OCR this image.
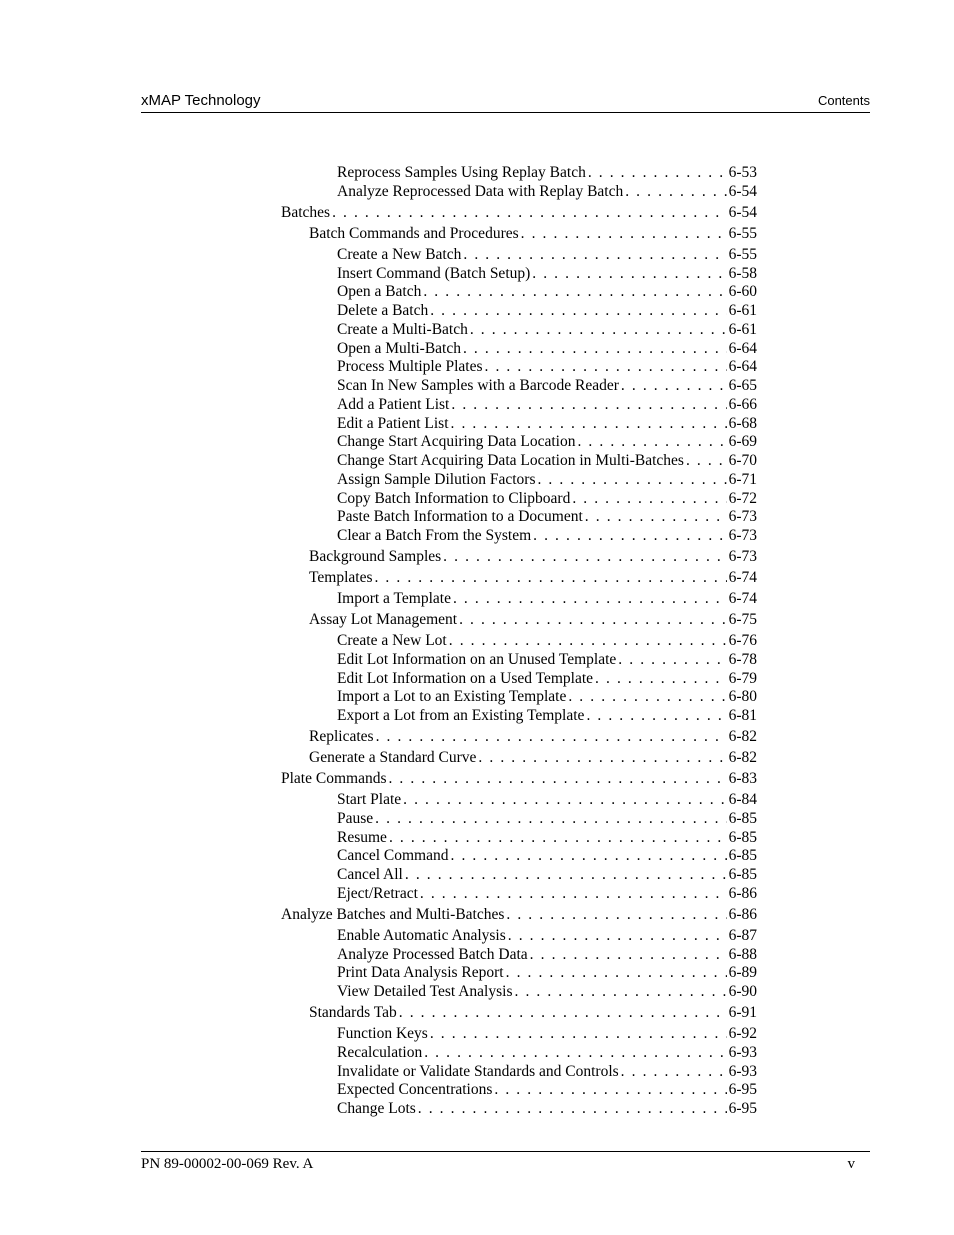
xMAP Technology	Contents
Reprocess Samples Using Replay Batch . . .	6-53
Analyze Reprocessed Data with Replay Batch . . .	6-54
Batches . . .	6-54
Batch Commands and Procedures . . .	6-55
Create a New Batch . . .	6-55
Insert Command (Batch Setup) . . .	6-58
Open a Batch . . .	6-60
Delete a Batch . . .	6-61
Create a Multi-Batch . . .	6-61
Open a Multi-Batch . . .	6-64
Process Multiple Plates . . .	6-64
Scan In New Samples with a Barcode Reader . . .	6-65
Add a Patient List . . .	6-66
Edit a Patient List . . .	6-68
Change Start Acquiring Data Location . . .	6-69
Change Start Acquiring Data Location in Multi-Batches . . .	6-70
Assign Sample Dilution Factors . . .	6-71
Copy Batch Information to Clipboard . . .	6-72
Paste Batch Information to a Document . . .	6-73
Clear a Batch From the System . . .	6-73
Background Samples . . .	6-73
Templates . . .	6-74
Import a Template . . .	6-74
Assay Lot Management . . .	6-75
Create a New Lot . . .	6-76
Edit Lot Information on an Unused Template . . .	6-78
Edit Lot Information on a Used Template . . .	6-79
Import a Lot to an Existing Template . . .	6-80
Export a Lot from an Existing Template . . .	6-81
Replicates . . .	6-82
Generate a Standard Curve . . .	6-82
Plate Commands . . .	6-83
Start Plate . . .	6-84
Pause . . .	6-85
Resume . . .	6-85
Cancel Command . . .	6-85
Cancel All . . .	6-85
Eject/Retract . . .	6-86
Analyze Batches and Multi-Batches . . .	6-86
Enable Automatic Analysis . . .	6-87
Analyze Processed Batch Data . . .	6-88
Print Data Analysis Report . . .	6-89
View Detailed Test Analysis . . .	6-90
Standards Tab . . .	6-91
Function Keys . . .	6-92
Recalculation . . .	6-93
Invalidate or Validate Standards and Controls . . .	6-93
Expected Concentrations . . .	6-95
Change Lots . . .	6-95
PN 89-00002-00-069 Rev. A	v
